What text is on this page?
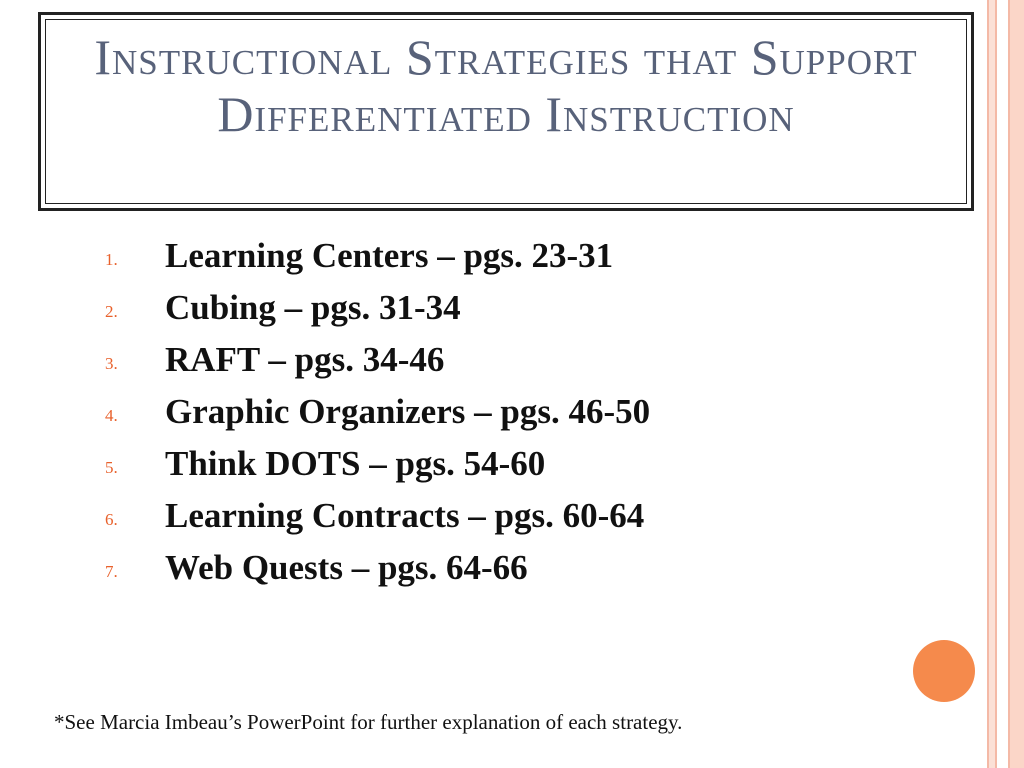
Instructional Strategies that Support Differentiated Instruction
1. Learning Centers – pgs. 23-31
2. Cubing – pgs. 31-34
3. RAFT – pgs. 34-46
4. Graphic Organizers – pgs. 46-50
5. Think DOTS – pgs. 54-60
6. Learning Contracts – pgs. 60-64
7. Web Quests – pgs. 64-66
*See Marcia Imbeau’s PowerPoint for further explanation of each strategy.
